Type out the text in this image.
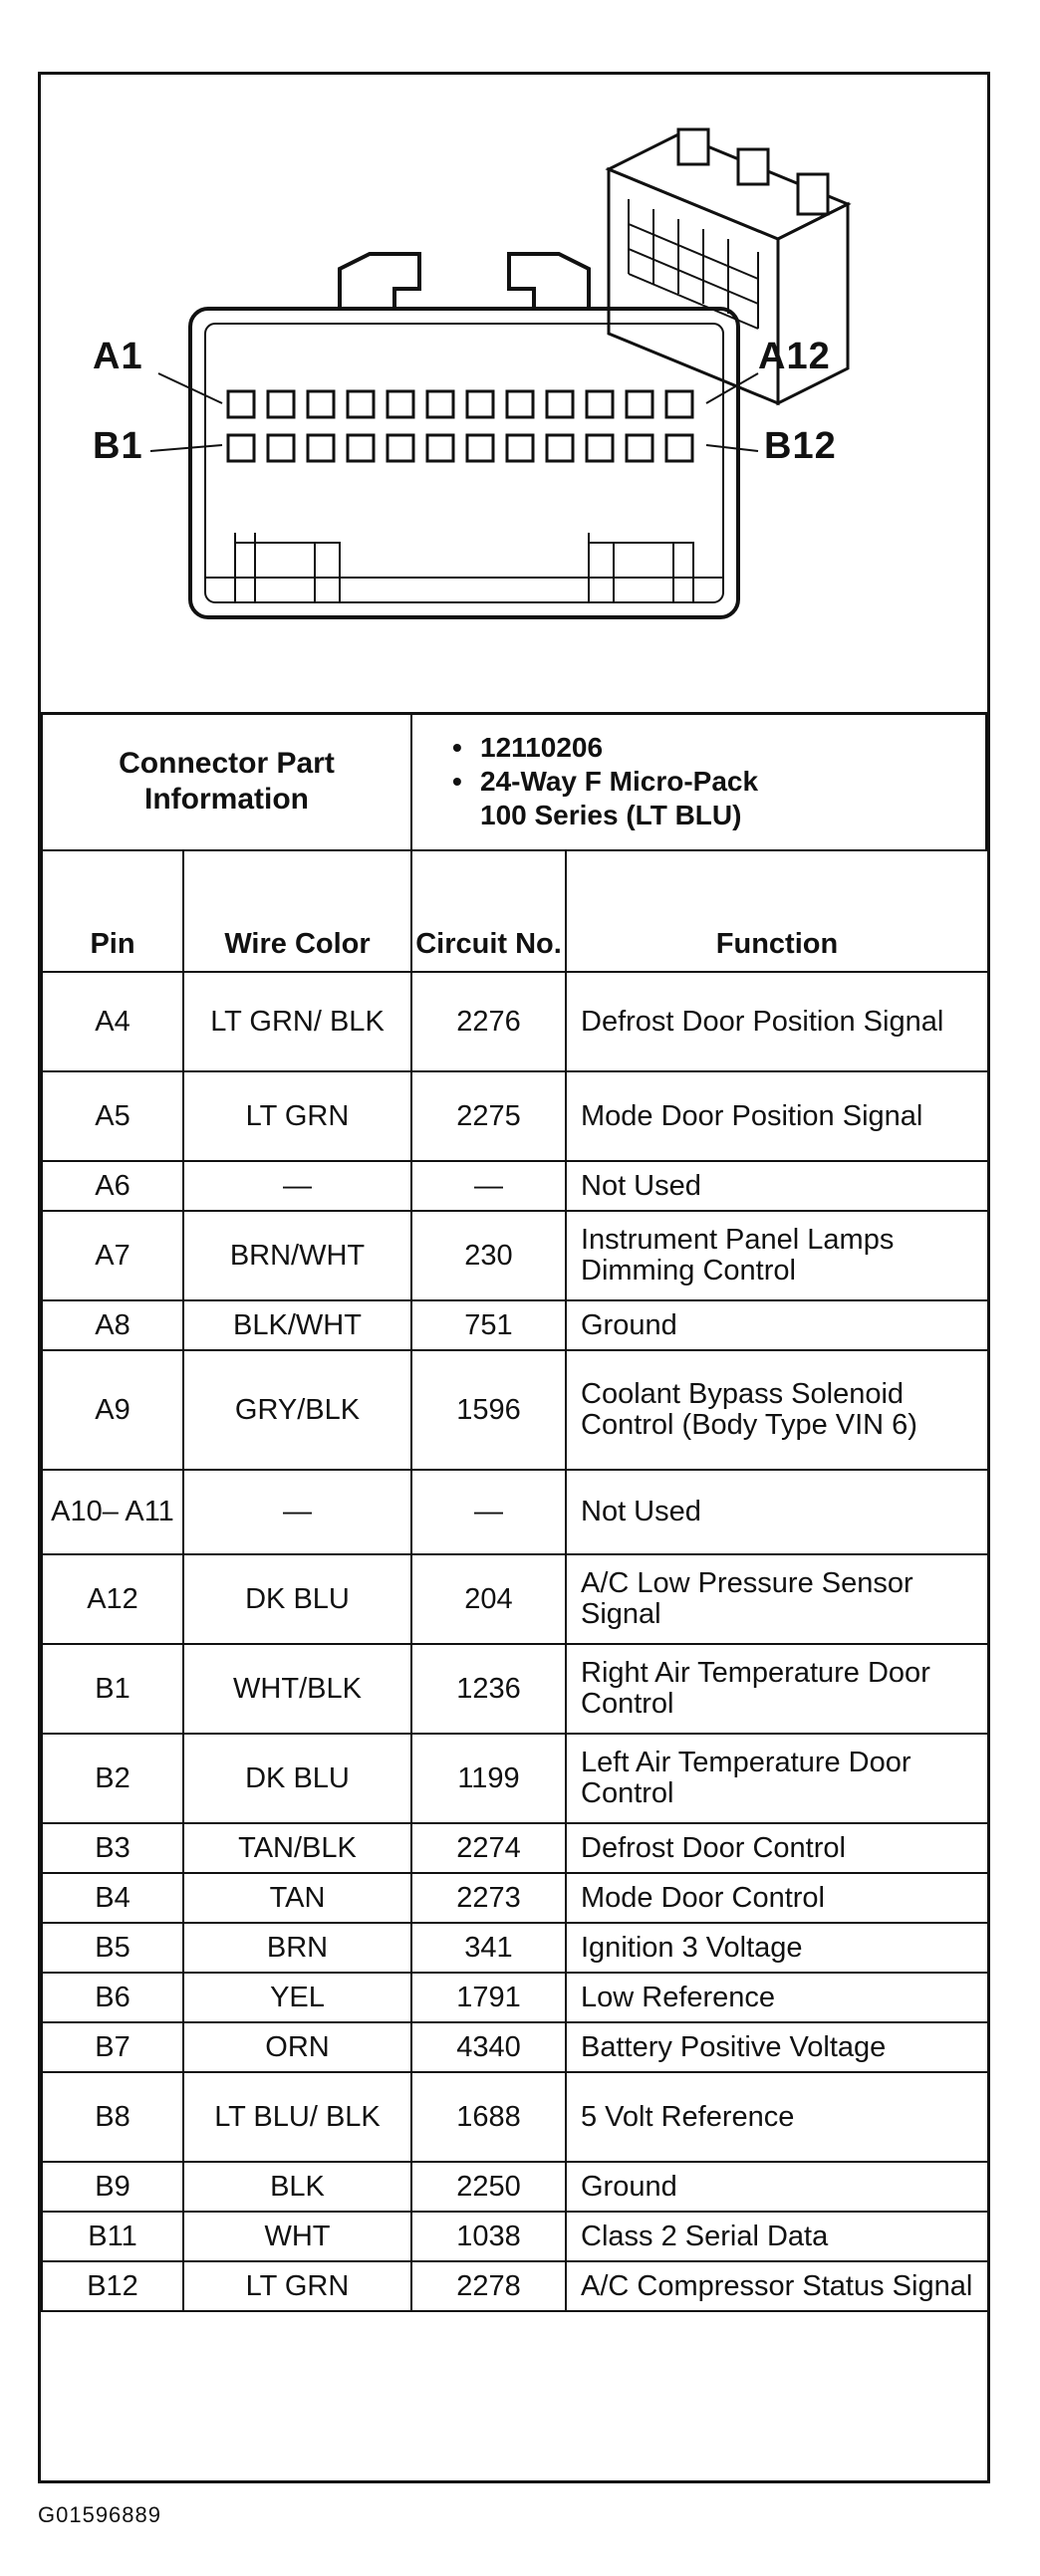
A1	A12
B1	B12
Connector Part Information	
• 12110206
• 24-Way F Micro-Pack
100 Series (LT BLU)
Pin	Wire Color	Circuit No.	Function
A4	LT GRN/ BLK	2276	Defrost Door Position Signal
A5	LT GRN	2275	Mode Door Position Signal
A6	—	—	Not Used
A7	BRN/WHT	230	Instrument Panel Lamps Dimming Control
A8	BLK/WHT	751	Ground
A9	GRY/BLK	1596	Coolant Bypass Solenoid Control (Body Type VIN 6)
A10– A11	—	—	Not Used
A12	DK BLU	204	A/C Low Pressure Sensor Signal
B1	WHT/BLK	1236	Right Air Temperature Door Control
B2	DK BLU	1199	Left Air Temperature Door Control
B3	TAN/BLK	2274	Defrost Door Control
B4	TAN	2273	Mode Door Control
B5	BRN	341	Ignition 3 Voltage
B6	YEL	1791	Low Reference
B7	ORN	4340	Battery Positive Voltage
B8	LT BLU/ BLK	1688	5 Volt Reference
B9	BLK	2250	Ground
B11	WHT	1038	Class 2 Serial Data
B12	LT GRN	2278	A/C Compressor Status Signal
G01596889
